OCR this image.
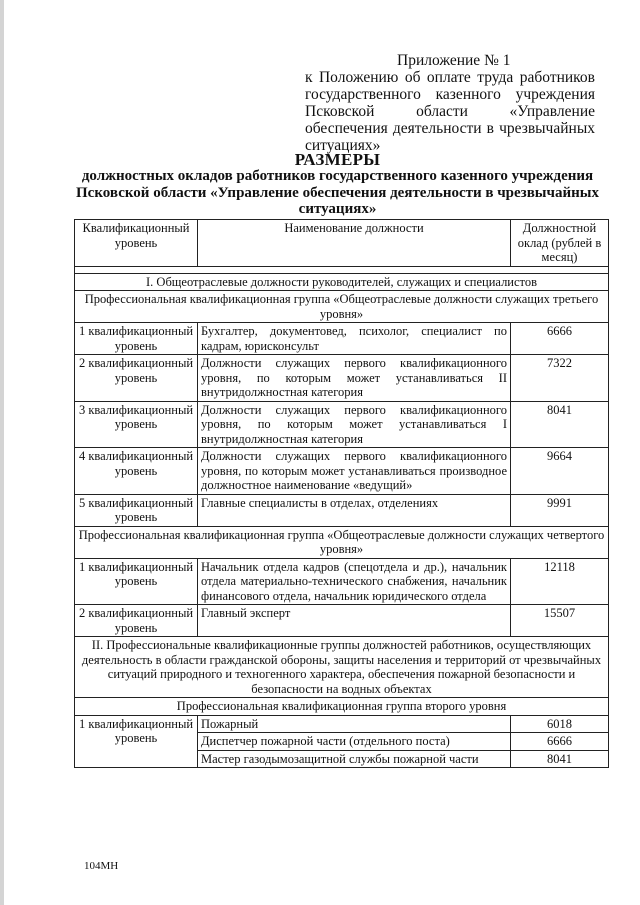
Приложение № 1
к Положению об оплате труда работников государственного казенного учреждения Псковской области «Управление обеспечения деятельности в чрезвычайных ситуациях»
РАЗМЕРЫ
должностных окладов работников государственного казенного учреждения Псковской области «Управление обеспечения деятельности в чрезвычайных ситуациях»
Квалификационный уровень	Наименование должности	Должностной оклад (рублей в месяц)

I. Общеотраслевые должности руководителей, служащих и специалистов		
Профессиональная квалификационная группа «Общеотраслевые должности служащих третьего уровня»		
1 квалификационный уровень	Бухгалтер, документовед, психолог, специалист по кадрам, юрисконсульт	6666
2 квалификационный уровень	Должности служащих первого квалификационного уровня, по которым может устанавливаться II внутридолжностная категория	7322
3 квалификационный уровень	Должности служащих первого квалификационного уровня, по которым может устанавливаться I внутридолжностная категория	8041
4 квалификационный уровень	Должности служащих первого квалификационного уровня, по которым может устанавливаться производное должностное наименование «ведущий»	9664
5 квалификационный уровень	Главные специалисты в отделах, отделениях	9991
Профессиональная квалификационная группа «Общеотраслевые должности служащих четвертого уровня»		
1 квалификационный уровень	Начальник отдела кадров (спецотдела и др.), начальник отдела материально-технического снабжения, начальник финансового отдела, начальник юридического отдела	12118
2 квалификационный уровень	Главный эксперт	15507
II. Профессиональные квалификационные группы должностей работников, осуществляющих деятельность в области гражданской обороны, защиты населения и территорий от чрезвычайных ситуаций природного и техногенного характера, обеспечения пожарной безопасности и безопасности на водных объектах		
Профессиональная квалификационная группа второго уровня		
1 квалификационный уровень	Пожарный	6018
	Диспетчер пожарной части (отдельного поста)	6666
	Мастер газодымозащитной службы пожарной части	8041
104МН
